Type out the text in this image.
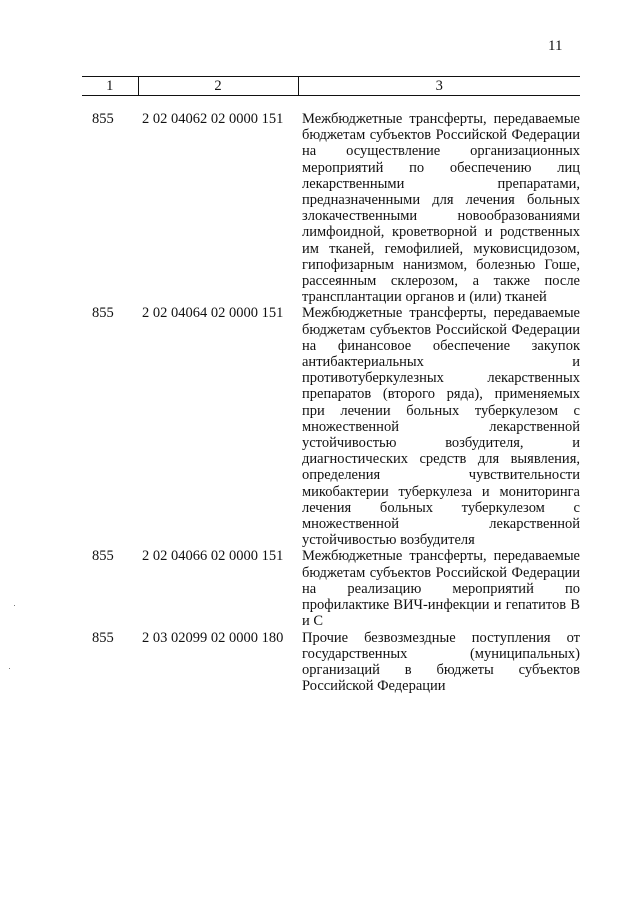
11
1	2	3
855	2 02 04062 02 0000 151	Межбюджетные трансферты, передаваемые бюджетам субъектов Российской Федерации на осуществление организационных мероприятий по обеспечению лиц лекарственными препаратами, предназначенными для лечения больных злокачественными новообразованиями лимфоидной, кроветворной и родственных им тканей, гемофилией, муковисцидозом, гипофизарным нанизмом, болезнью Гоше, рассеянным склерозом, а также после трансплантации органов и (или) тканей
855	2 02 04064 02 0000 151	Межбюджетные трансферты, передаваемые бюджетам субъектов Российской Федерации на финансовое обеспечение закупок антибактериальных и противотуберкулезных лекарственных препаратов (второго ряда), применяемых при лечении больных туберкулезом с множественной лекарственной устойчивостью возбудителя, и диагностических средств для выявления, определения чувствительности микобактерии туберкулеза и мониторинга лечения больных туберкулезом с множественной лекарственной устойчивостью возбудителя
855	2 02 04066 02 0000 151	Межбюджетные трансферты, передаваемые бюджетам субъектов Российской Федерации на реализацию мероприятий по профилактике ВИЧ-инфекции и гепатитов В и С
855	2 03 02099 02 0000 180	Прочие безвозмездные поступления от государственных (муниципальных) организаций в бюджеты субъектов Российской Федерации
